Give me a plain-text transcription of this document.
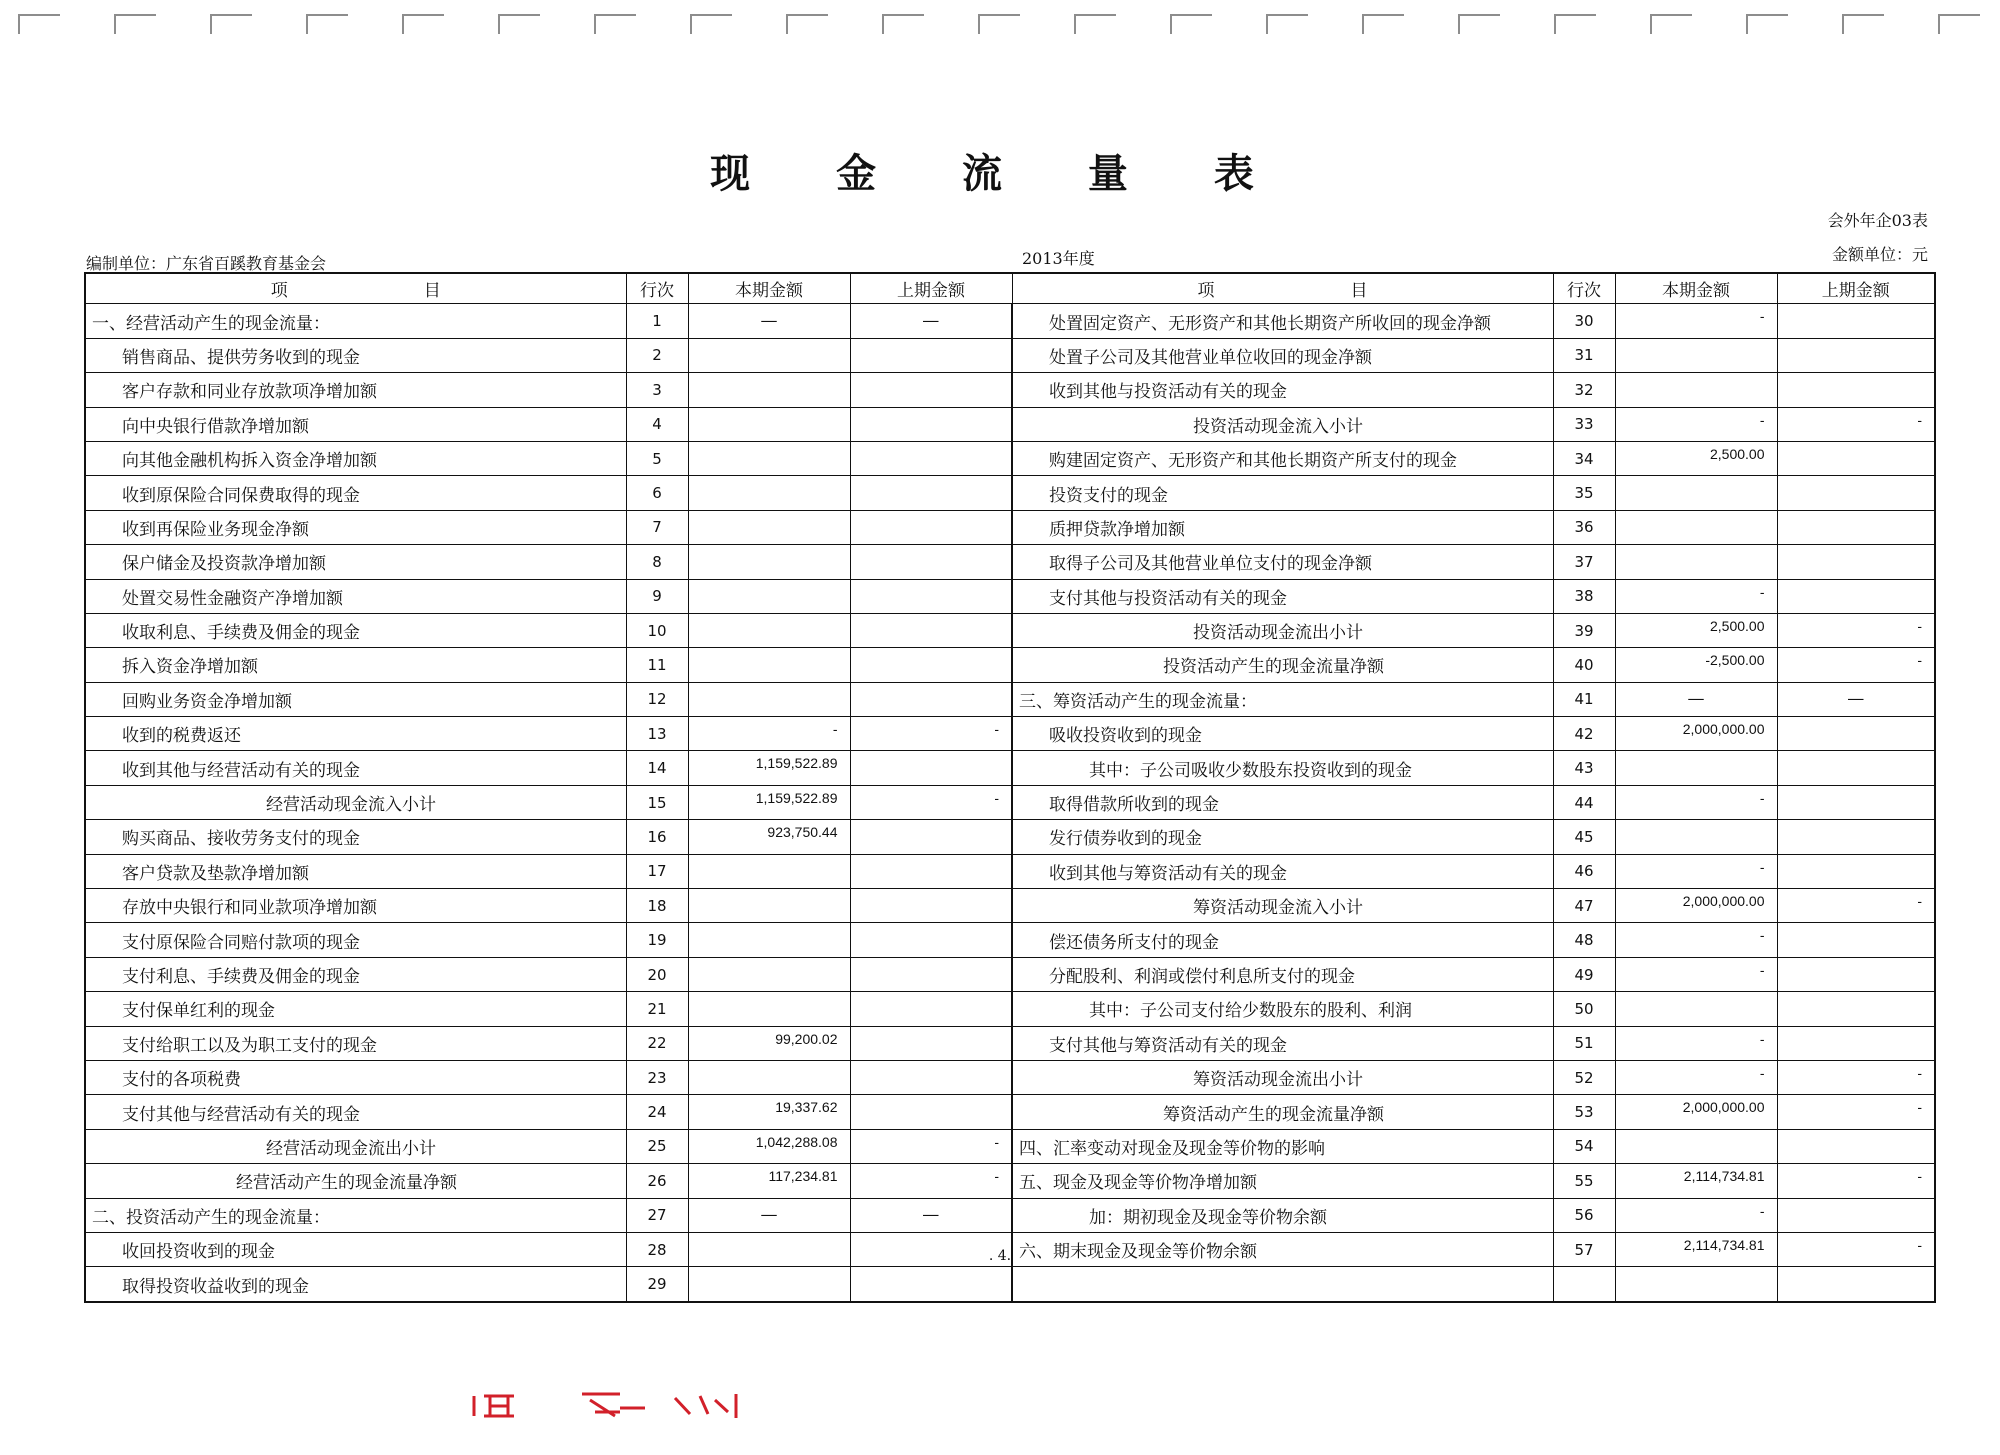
现 金 流 量 表
会外年企03表
金额单位：元
编制单位：广东省百蹊教育基金会	2013年度
项　　　　　　　　目	行次	本期金额	上期金额	项　　　　　　　　目	行次	本期金额	上期金额
一、经营活动产生的现金流量：	1	—	—	处置固定资产、无形资产和其他长期资产所收回的现金净额	30	-	
销售商品、提供劳务收到的现金	2			处置子公司及其他营业单位收回的现金净额	31		
客户存款和同业存放款项净增加额	3			收到其他与投资活动有关的现金	32		
向中央银行借款净增加额	4			投资活动现金流入小计	33	-	-
向其他金融机构拆入资金净增加额	5			购建固定资产、无形资产和其他长期资产所支付的现金	34	2,500.00	
收到原保险合同保费取得的现金	6			投资支付的现金	35		
收到再保险业务现金净额	7			质押贷款净增加额	36		
保户储金及投资款净增加额	8			取得子公司及其他营业单位支付的现金净额	37		
处置交易性金融资产净增加额	9			支付其他与投资活动有关的现金	38	-	
收取利息、手续费及佣金的现金	10			投资活动现金流出小计	39	2,500.00	-
拆入资金净增加额	11			投资活动产生的现金流量净额	40	-2,500.00	-
回购业务资金净增加额	12			三、筹资活动产生的现金流量：	41	—	—
收到的税费返还	13	-	-	吸收投资收到的现金	42	2,000,000.00	
收到其他与经营活动有关的现金	14	1,159,522.89		其中：子公司吸收少数股东投资收到的现金	43		
经营活动现金流入小计	15	1,159,522.89	-	取得借款所收到的现金	44	-	
购买商品、接收劳务支付的现金	16	923,750.44		发行债券收到的现金	45		
客户贷款及垫款净增加额	17			收到其他与筹资活动有关的现金	46	-	
存放中央银行和同业款项净增加额	18			筹资活动现金流入小计	47	2,000,000.00	-
支付原保险合同赔付款项的现金	19			偿还债务所支付的现金	48	-	
支付利息、手续费及佣金的现金	20			分配股利、利润或偿付利息所支付的现金	49	-	
支付保单红利的现金	21			其中：子公司支付给少数股东的股利、利润	50		
支付给职工以及为职工支付的现金	22	99,200.02		支付其他与筹资活动有关的现金	51	-	
支付的各项税费	23			筹资活动现金流出小计	52	-	-
支付其他与经营活动有关的现金	24	19,337.62		筹资活动产生的现金流量净额	53	2,000,000.00	-
经营活动现金流出小计	25	1,042,288.08	-	四、汇率变动对现金及现金等价物的影响	54		
经营活动产生的现金流量净额	26	117,234.81	-	五、现金及现金等价物净增加额	55	2,114,734.81	-
二、投资活动产生的现金流量：	27	—	—	加：期初现金及现金等价物余额	56	-	
收回投资收到的现金	28			六、期末现金及现金等价物余额	57	2,114,734.81	-
取得投资收益收到的现金	29						
. 4.
